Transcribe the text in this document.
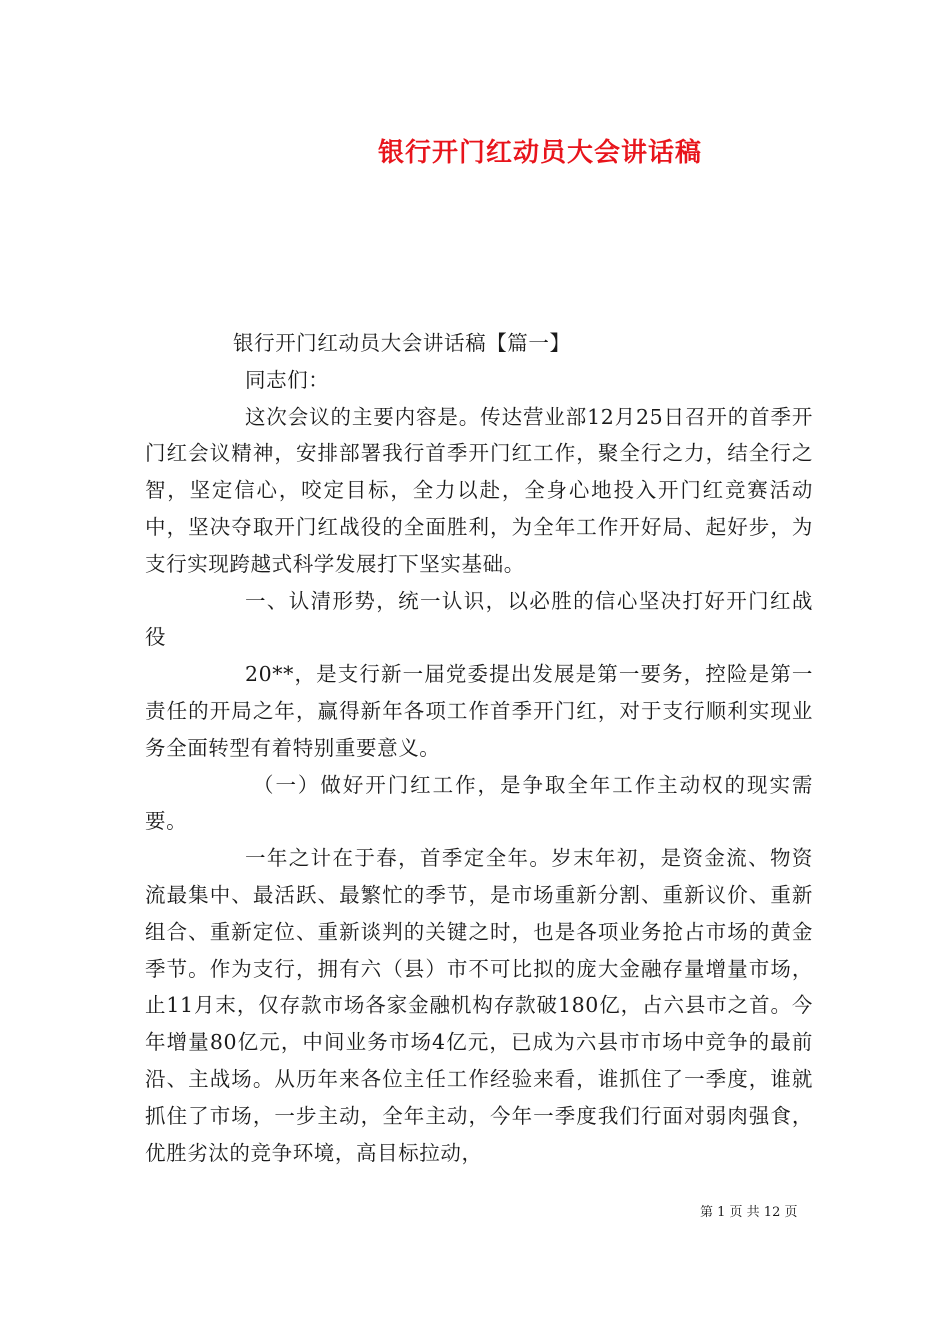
银行开门红动员大会讲话稿

银行开门红动员大会讲话稿【篇一】

同志们：

这次会议的主要内容是。传达营业部12月25日召开的首季开门红会议精神，安排部署我行首季开门红工作，聚全行之力，结全行之智，坚定信心，咬定目标，全力以赴，全身心地投入开门红竞赛活动中，坚决夺取开门红战役的全面胜利，为全年工作开好局、起好步，为支行实现跨越式科学发展打下坚实基础。

一、认清形势，统一认识，以必胜的信心坚决打好开门红战役

20**，是支行新一届党委提出发展是第一要务，控险是第一责任的开局之年，赢得新年各项工作首季开门红，对于支行顺利实现业务全面转型有着特别重要意义。

（一）做好开门红工作，是争取全年工作主动权的现实需要。

一年之计在于春，首季定全年。岁末年初，是资金流、物资流最集中、最活跃、最繁忙的季节，是市场重新分割、重新议价、重新组合、重新定位、重新谈判的关键之时，也是各项业务抢占市场的黄金季节。作为支行，拥有六（县）市不可比拟的庞大金融存量增量市场，止11月末，仅存款市场各家金融机构存款破180亿，占六县市之首。今年增量80亿元，中间业务市场4亿元，已成为六县市市场中竞争的最前沿、主战场。从历年来各位主任工作经验来看，谁抓住了一季度，谁就抓住了市场，一步主动，全年主动，今年一季度我们行面对弱肉强食，优胜劣汰的竞争环境，高目标拉动，

第 1 页 共 12 页
